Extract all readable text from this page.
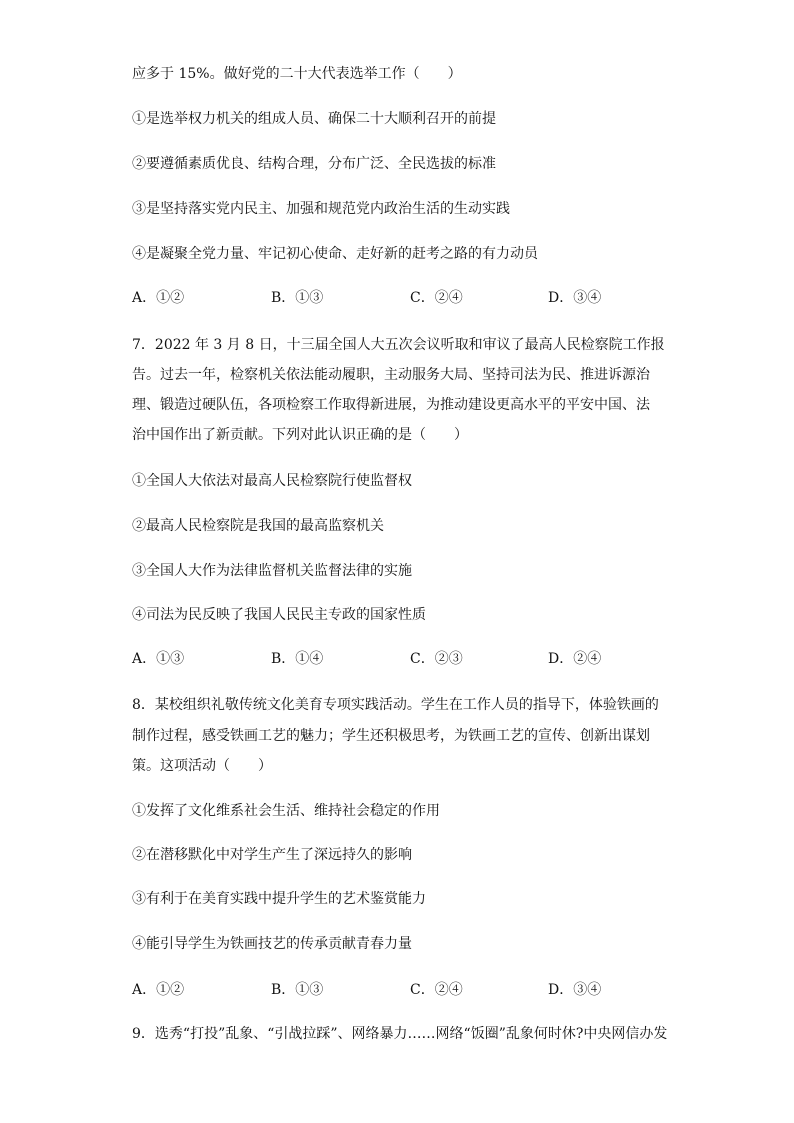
应多于 15%。做好党的二十大代表选举工作（　　）
①是选举权力机关的组成人员、确保二十大顺利召开的前提
②要遵循素质优良、结构合理，分布广泛、全民选拔的标准
③是坚持落实党内民主、加强和规范党内政治生活的生动实践
④是凝聚全党力量、牢记初心使命、走好新的赶考之路的有力动员
A．①②	B．①③	C．②④	D．③④
7．2022 年 3 月 8 日，十三届全国人大五次会议听取和审议了最高人民检察院工作报
告。过去一年，检察机关依法能动履职，主动服务大局、坚持司法为民、推进诉源治
理、锻造过硬队伍，各项检察工作取得新进展，为推动建设更高水平的平安中国、法
治中国作出了新贡献。下列对此认识正确的是（　　）
①全国人大依法对最高人民检察院行使监督权
②最高人民检察院是我国的最高监察机关
③全国人大作为法律监督机关监督法律的实施
④司法为民反映了我国人民民主专政的国家性质
A．①③	B．①④	C．②③	D．②④
8．某校组织礼敬传统文化美育专项实践活动。学生在工作人员的指导下，体验铁画的
制作过程，感受铁画工艺的魅力；学生还积极思考，为铁画工艺的宣传、创新出谋划
策。这项活动（　　）
①发挥了文化维系社会生活、维持社会稳定的作用
②在潜移默化中对学生产生了深远持久的影响
③有利于在美育实践中提升学生的艺术鉴赏能力
④能引导学生为铁画技艺的传承贡献青春力量
A．①②	B．①③	C．②④	D．③④
9．选秀“打投”乱象、“引战拉踩”、网络暴力……网络“饭圈”乱象何时休?中央网信办发
